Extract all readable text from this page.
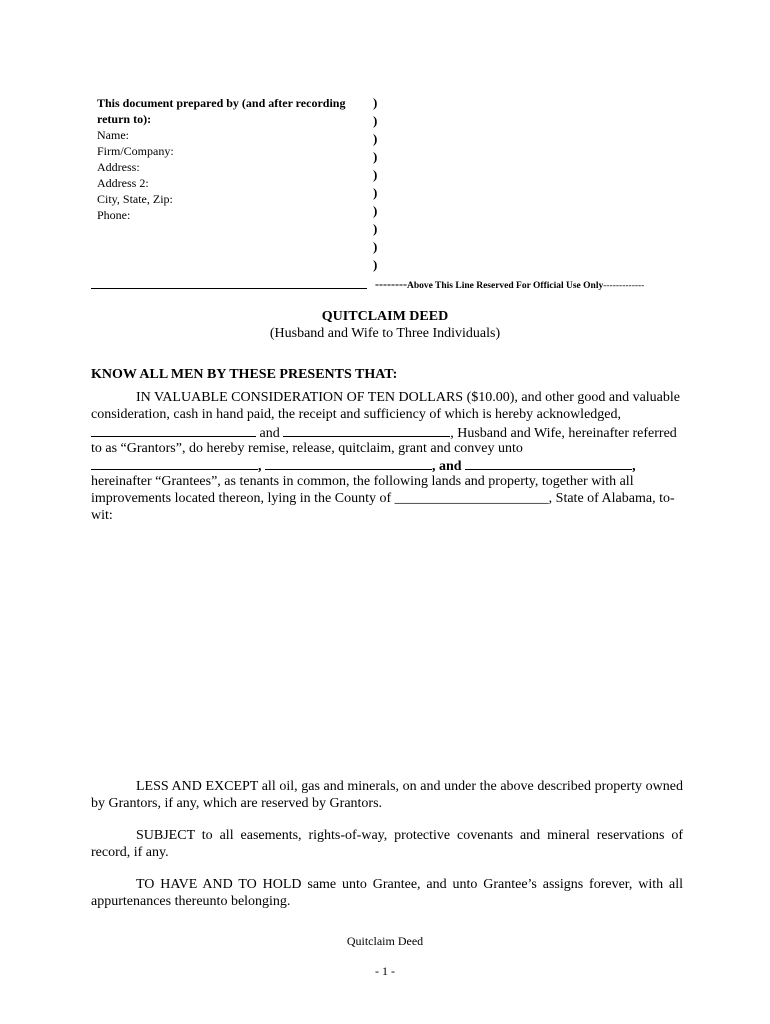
This document prepared by (and after recording return to):
Name:
Firm/Company:
Address:
Address 2:
City, State, Zip:
Phone:
)
)
)
)
)
)
)
)
)
)
--------Above This Line Reserved For Official Use Only-------------
QUITCLAIM DEED
(Husband and Wife to Three Individuals)
KNOW ALL MEN BY THESE PRESENTS THAT:
IN VALUABLE CONSIDERATION OF TEN DOLLARS ($10.00), and other good and valuable
consideration, cash in hand paid, the receipt and sufficiency of which is hereby acknowledged,
and	, Husband and Wife, hereinafter referred
to as “Grantors”, do hereby remise, release, quitclaim, grant and convey unto
,	, and	,
hereinafter “Grantees”, as tenants in common, the following lands and property, together with all
improvements located thereon, lying in the County of ______________________, State of Alabama, to-
wit:
LESS AND EXCEPT all oil, gas and minerals, on and under the above described property owned by Grantors, if any, which are reserved by Grantors.
SUBJECT to all easements, rights-of-way, protective covenants and mineral reservations of record, if any.
TO HAVE AND TO HOLD same unto Grantee, and unto Grantee’s assigns forever, with all appurtenances thereunto belonging.
Quitclaim Deed
- 1 -
